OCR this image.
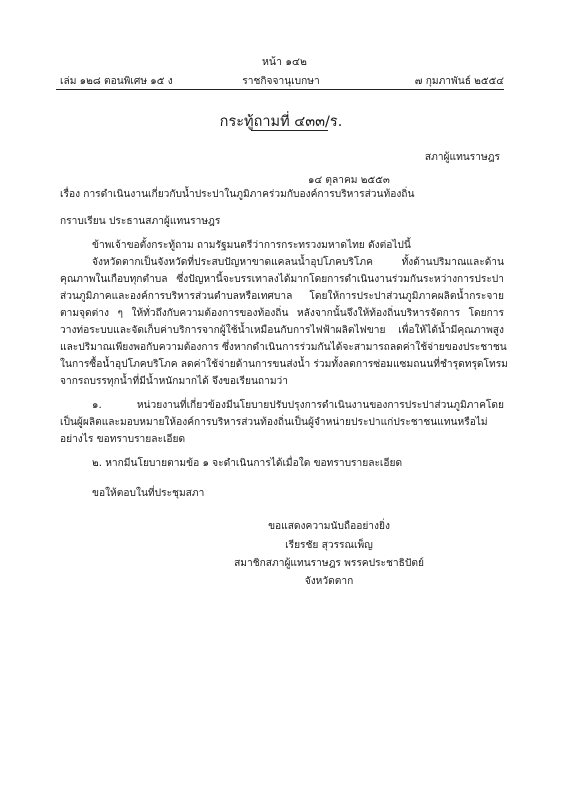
หน้า ๑๔๒
เล่ม ๑๒๘ ตอนพิเศษ ๑๕ ง	ราชกิจจานุเบกษา	๗ กุมภาพันธ์ ๒๕๕๔
กระทู้ถามที่ ๔๓๓/ร.
สภาผู้แทนราษฎร
๑๔ ตุลาคม ๒๕๕๓
เรื่อง การดำเนินงานเกี่ยวกับน้ำประปาในภูมิภาคร่วมกับองค์การบริหารส่วนท้องถิ่น
กราบเรียน ประธานสภาผู้แทนราษฎร
ข้าพเจ้าขอตั้งกระทู้ถาม ถามรัฐมนตรีว่าการกระทรวงมหาดไทย ดังต่อไปนี้
จังหวัดตากเป็นจังหวัดที่ประสบปัญหาขาดแคลนน้ำอุปโภคบริโภค ทั้งด้านปริมาณและด้าน
คุณภาพในเกือบทุกตำบล ซึ่งปัญหานี้จะบรรเทาลงได้มากโดยการดำเนินงานร่วมกันระหว่างการประปา
ส่วนภูมิภาคและองค์การบริหารส่วนตำบลหรือเทศบาล โดยให้การประปาส่วนภูมิภาคผลิตน้ำกระจาย
ตามจุดต่าง ๆ ให้ทั่วถึงกับความต้องการของท้องถิ่น หลังจากนั้นจึงให้ท้องถิ่นบริหารจัดการ โดยการ
วางท่อระบบและจัดเก็บค่าบริการจากผู้ใช้น้ำเหมือนกับการไฟฟ้าผลิตไฟขาย เพื่อให้ได้น้ำมีคุณภาพสูง
และปริมาณเพียงพอกับความต้องการ ซึ่งหากดำเนินการร่วมกันได้จะสามารถลดค่าใช้จ่ายของประชาชน
ในการซื้อน้ำอุปโภคบริโภค ลดค่าใช้จ่ายด้านการขนส่งน้ำ ร่วมทั้งลดการซ่อมแซมถนนที่ชำรุดทรุดโทรม
จากรถบรรทุกน้ำที่มีน้ำหนักมากได้ จึงขอเรียนถามว่า
๑. หน่วยงานที่เกี่ยวข้องมีนโยบายปรับปรุงการดำเนินงานของการประปาส่วนภูมิภาคโดย
เป็นผู้ผลิตและมอบหมายให้องค์การบริหารส่วนท้องถิ่นเป็นผู้จำหน่ายประปาแก่ประชาชนแทนหรือไม่
อย่างไร ขอทราบรายละเอียด
๒. หากมีนโยบายตามข้อ ๑ จะดำเนินการได้เมื่อใด ขอทราบรายละเอียด
ขอให้ตอบในที่ประชุมสภา
ขอแสดงความนับถืออย่างยิ่ง
เรียรชัย สุวรรณเพ็ญ
สมาชิกสภาผู้แทนราษฎร พรรคประชาธิปัตย์
จังหวัดตาก
